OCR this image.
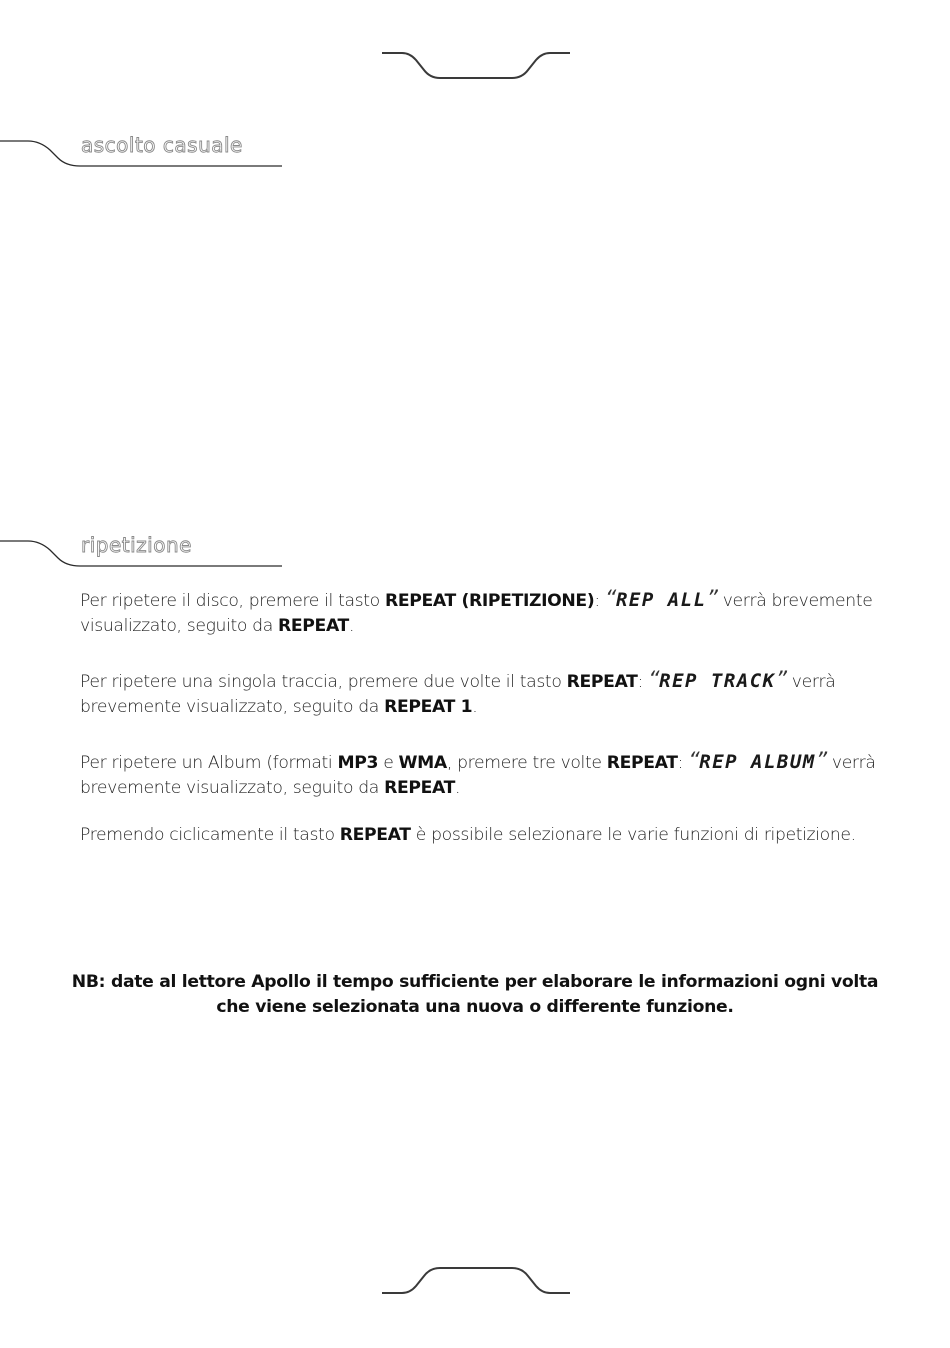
ascolto casuale
ripetizione
Per ripetere il disco, premere il tasto REPEAT (RIPETIZIONE): “REP ALL” verrà brevemente visualizzato, seguito da REPEAT.
Per ripetere una singola traccia, premere due volte il tasto REPEAT: “REP TRACK” verrà brevemente visualizzato, seguito da REPEAT 1.
Per ripetere un Album (formati MP3 e WMA, premere tre volte REPEAT: “REP ALBUM” verrà brevemente visualizzato, seguito da REPEAT.
Premendo ciclicamente il tasto REPEAT è possibile selezionare le varie funzioni di ripetizione.
NB: date al lettore Apollo il tempo sufficiente per elaborare le informazioni ogni volta
che viene selezionata una nuova o differente funzione.
